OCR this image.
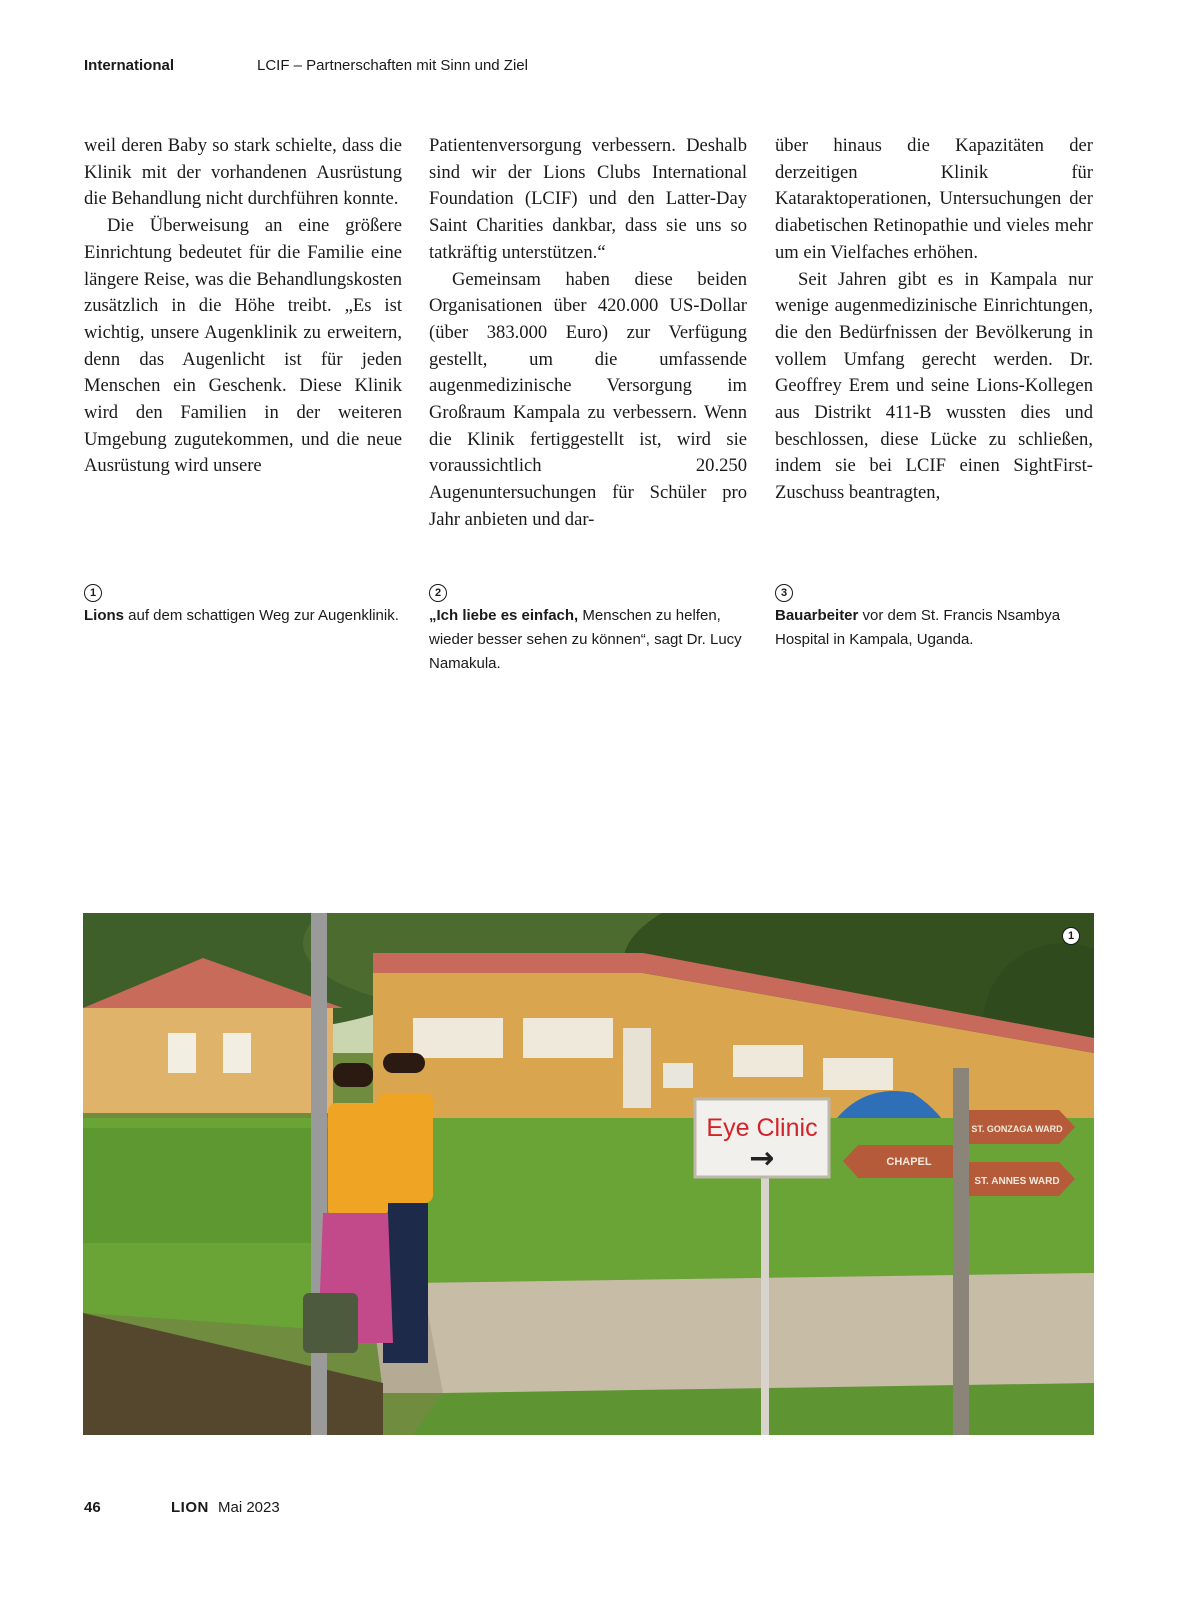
International	LCIF – Partnerschaften mit Sinn und Ziel

weil deren Baby so stark schielte, dass die Klinik mit der vorhandenen Ausrüstung die Behandlung nicht durchführen konnte.

Die Überweisung an eine größere Einrichtung bedeutet für die Familie eine längere Reise, was die Behandlungskosten zusätzlich in die Höhe treibt. „Es ist wichtig, unsere Augenklinik zu erweitern, denn das Augenlicht ist für jeden Menschen ein Geschenk. Diese Klinik wird den Familien in der weiteren Umgebung zugutekommen, und die neue Ausrüstung wird unsere

Patientenversorgung verbessern. Deshalb sind wir der Lions Clubs International Foundation (LCIF) und den Latter-Day Saint Charities dankbar, dass sie uns so tatkräftig unterstützen.“

Gemeinsam haben diese beiden Organisationen über 420.000 US-Dollar (über 383.000 Euro) zur Verfügung gestellt, um die umfassende augenmedizinische Versorgung im Großraum Kampala zu verbessern. Wenn die Klinik fertiggestellt ist, wird sie voraussichtlich 20.250 Augenuntersuchungen für Schüler pro Jahr anbieten und dar-

über hinaus die Kapazitäten der derzeitigen Klinik für Kataraktoperationen, Untersuchungen der diabetischen Retinopathie und vieles mehr um ein Vielfaches erhöhen.

Seit Jahren gibt es in Kampala nur wenige augenmedizinische Einrichtungen, die den Bedürfnissen der Bevölkerung in vollem Umfang gerecht werden. Dr. Geoffrey Erem und seine Lions-Kollegen aus Distrikt 411-B wussten dies und beschlossen, diese Lücke zu schließen, indem sie bei LCIF einen SightFirst-Zuschuss beantragten,

1
Lions auf dem schattigen Weg zur Augenklinik.
2
„Ich liebe es einfach, Menschen zu helfen, wieder besser sehen zu können“, sagt Dr. Lucy Namakula.
3
Bauarbeiter vor dem St. Francis Nsambya Hospital in Kampala, Uganda.
Eye Clinic
→
ST. GONZAGA WARD
CHAPEL
ST. ANNES WARD
1
46	LION Mai 2023
